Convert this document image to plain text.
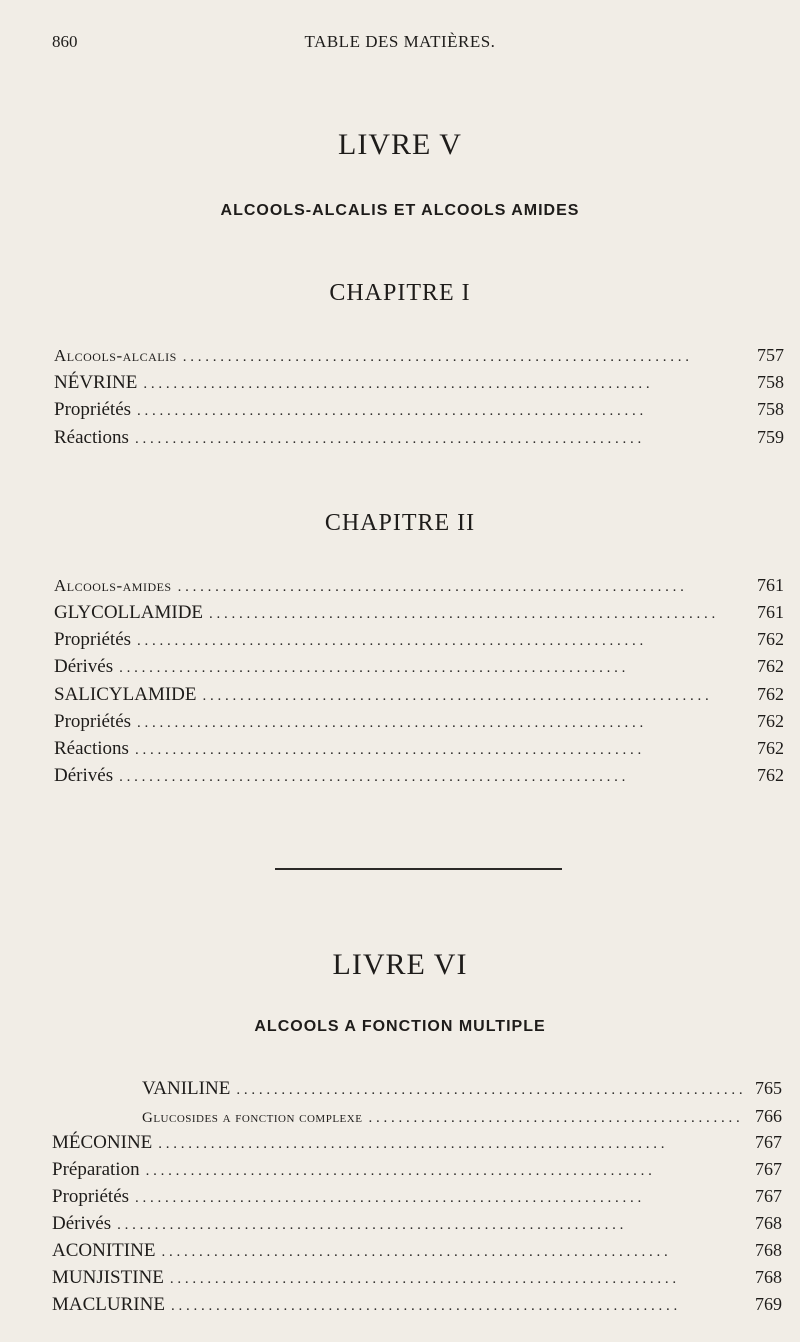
860	TABLE DES MATIÈRES.
LIVRE V
ALCOOLS-ALCALIS ET ALCOOLS AMIDES
CHAPITRE I
Alcools-alcalis . . .	757
NÉVRINE . . .	758
Propriétés . . .	758
Réactions . . .	759
CHAPITRE II
Alcools-amides . . .	761
GLYCOLLAMIDE . . .	761
Propriétés . . .	762
Dérivés . . .	762
SALICYLAMIDE . . .	762
Propriétés . . .	762
Réactions . . .	762
Dérivés . . .	762
LIVRE VI
ALCOOLS A FONCTION MULTIPLE
VANILINE . . .	765
Glucosides a fonction complexe . . .	766
MÉCONINE . . .	767
Préparation . . .	767
Propriétés . . .	767
Dérivés . . .	768
ACONITINE . . .	768
MUNJISTINE . . .	768
MACLURINE . . .	769
